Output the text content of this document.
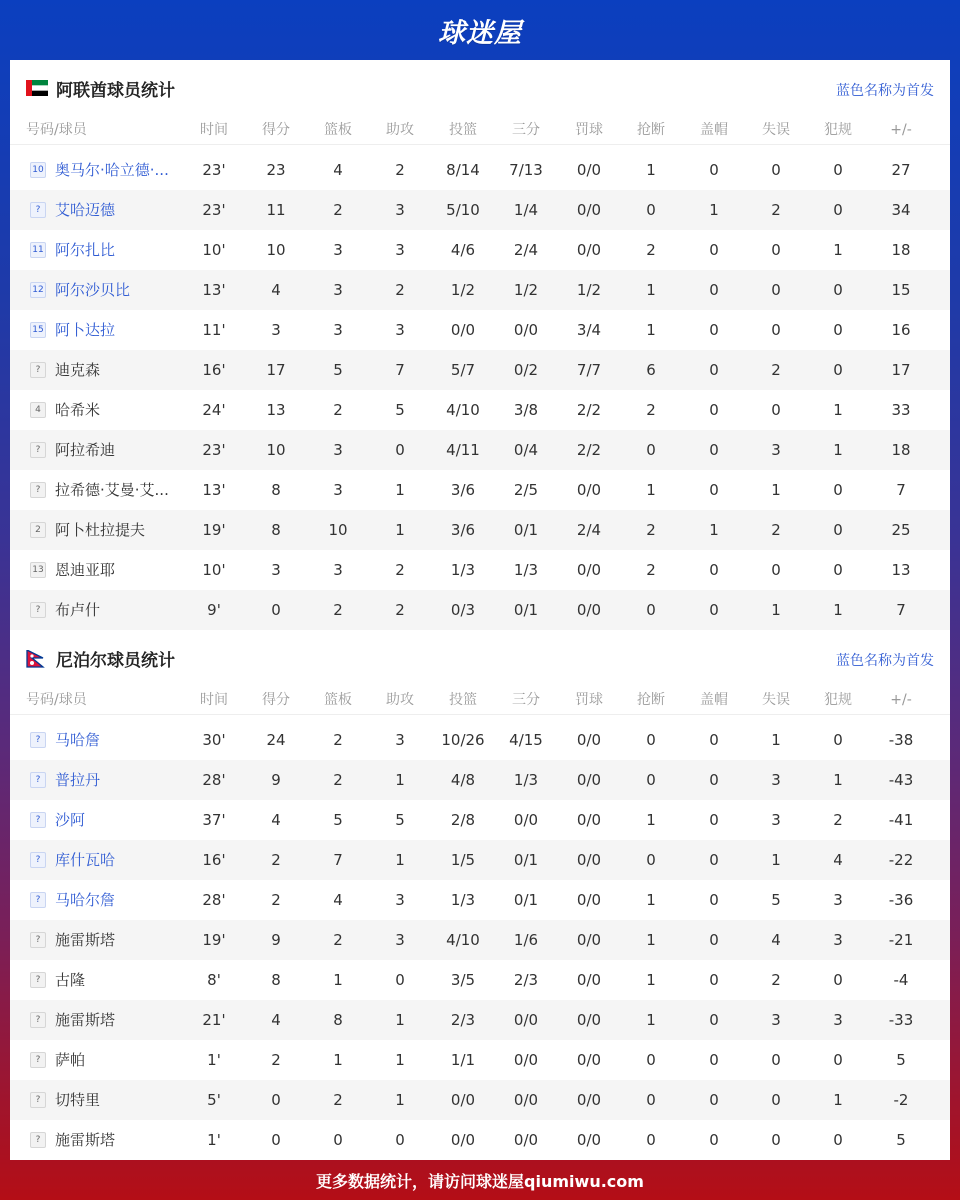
球迷屋
阿联酋球员统计	蓝色名称为首发
号码/球员	时间	得分	篮板	助攻	投篮	三分	罚球	抢断	盖帽	失误	犯规	+/-
10 奥马尔·哈立德·...	23'	23	4	2	8/14	7/13	0/0	1	0	0	0	27
? 艾哈迈德	23'	11	2	3	5/10	1/4	0/0	0	1	2	0	34
11 阿尔扎比	10'	10	3	3	4/6	2/4	0/0	2	0	0	1	18
12 阿尔沙贝比	13'	4	3	2	1/2	1/2	1/2	1	0	0	0	15
15 阿卜达拉	11'	3	3	3	0/0	0/0	3/4	1	0	0	0	16
? 迪克森	16'	17	5	7	5/7	0/2	7/7	6	0	2	0	17
4 哈希米	24'	13	2	5	4/10	3/8	2/2	2	0	0	1	33
? 阿拉希迪	23'	10	3	0	4/11	0/4	2/2	0	0	3	1	18
? 拉希德·艾曼·艾...	13'	8	3	1	3/6	2/5	0/0	1	0	1	0	7
2 阿卜杜拉提夫	19'	8	10	1	3/6	0/1	2/4	2	1	2	0	25
13 恩迪亚耶	10'	3	3	2	1/3	1/3	0/0	2	0	0	0	13
? 布卢什	9'	0	2	2	0/3	0/1	0/0	0	0	1	1	7
尼泊尔球员统计	蓝色名称为首发
号码/球员	时间	得分	篮板	助攻	投篮	三分	罚球	抢断	盖帽	失误	犯规	+/-
? 马哈詹	30'	24	2	3	10/26	4/15	0/0	0	0	1	0	-38
? 普拉丹	28'	9	2	1	4/8	1/3	0/0	0	0	3	1	-43
? 沙阿	37'	4	5	5	2/8	0/0	0/0	1	0	3	2	-41
? 库什瓦哈	16'	2	7	1	1/5	0/1	0/0	0	0	1	4	-22
? 马哈尔詹	28'	2	4	3	1/3	0/1	0/0	1	0	5	3	-36
? 施雷斯塔	19'	9	2	3	4/10	1/6	0/0	1	0	4	3	-21
? 古隆	8'	8	1	0	3/5	2/3	0/0	1	0	2	0	-4
? 施雷斯塔	21'	4	8	1	2/3	0/0	0/0	1	0	3	3	-33
? 萨帕	1'	2	1	1	1/1	0/0	0/0	0	0	0	0	5
? 切特里	5'	0	2	1	0/0	0/0	0/0	0	0	0	1	-2
? 施雷斯塔	1'	0	0	0	0/0	0/0	0/0	0	0	0	0	5
更多数据统计，请访问球迷屋qiumiwu.com
